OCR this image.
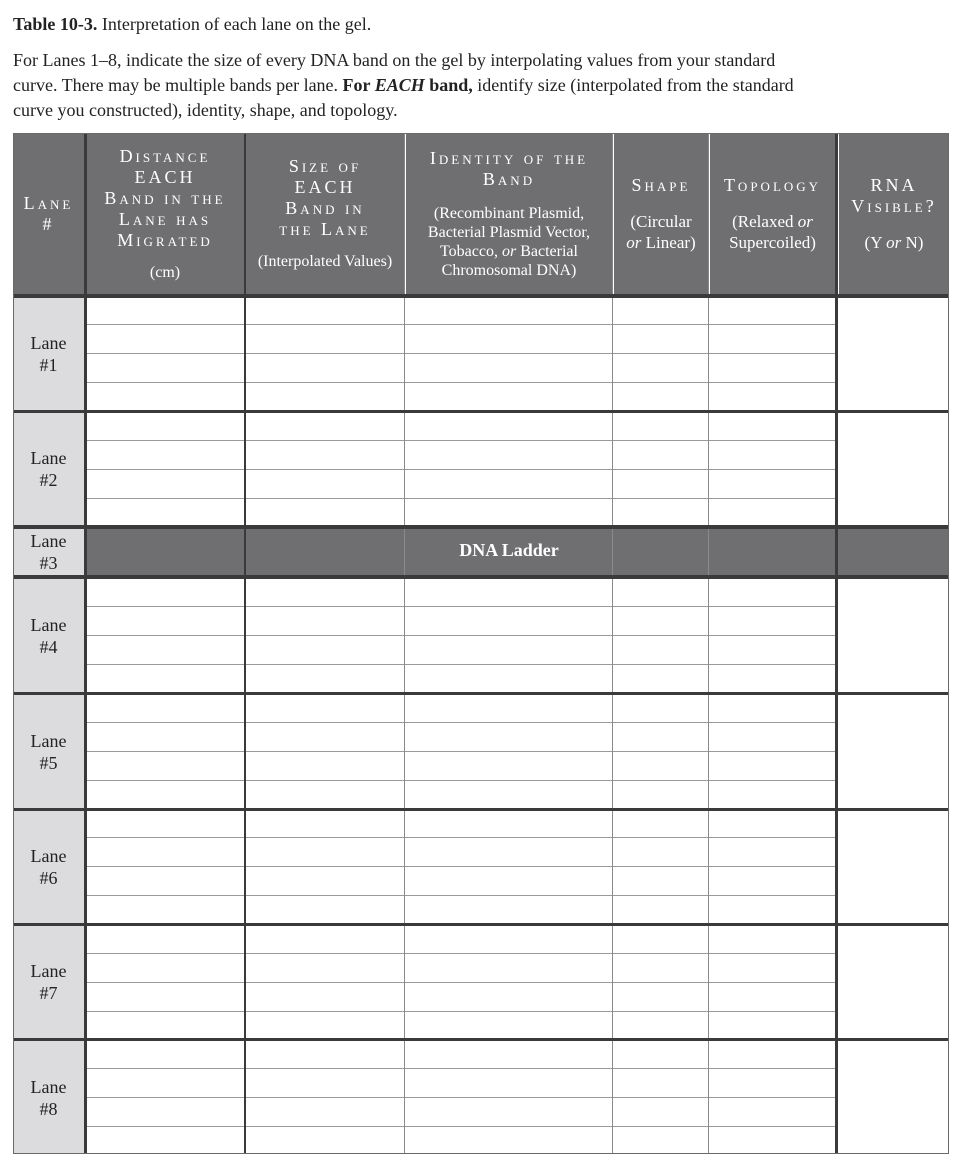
Table 10-3. Interpretation of each lane on the gel.
For Lanes 1–8, indicate the size of every DNA band on the gel by interpolating values from your standard curve. There may be multiple bands per lane. For EACH band, identify size (interpolated from the standard curve you constructed), identity, shape, and topology.
Lane
#
Distance
EACH
Band in the
Lane has
Migrated
(cm)
Size of
EACH
Band in
the Lane
(Interpolated Values)
Identity of the
Band
(Recombinant Plasmid,
Bacterial Plasmid Vector,
Tobacco, or Bacterial
Chromosomal DNA)
Shape
(Circular
or Linear)
Topology
(Relaxed or
Supercoiled)
RNA
Visible?
(Y or N)
Lane
#1
Lane
#2
Lane
#3
Lane
#4
Lane
#5
Lane
#6
Lane
#7
Lane
#8
DNA Ladder
